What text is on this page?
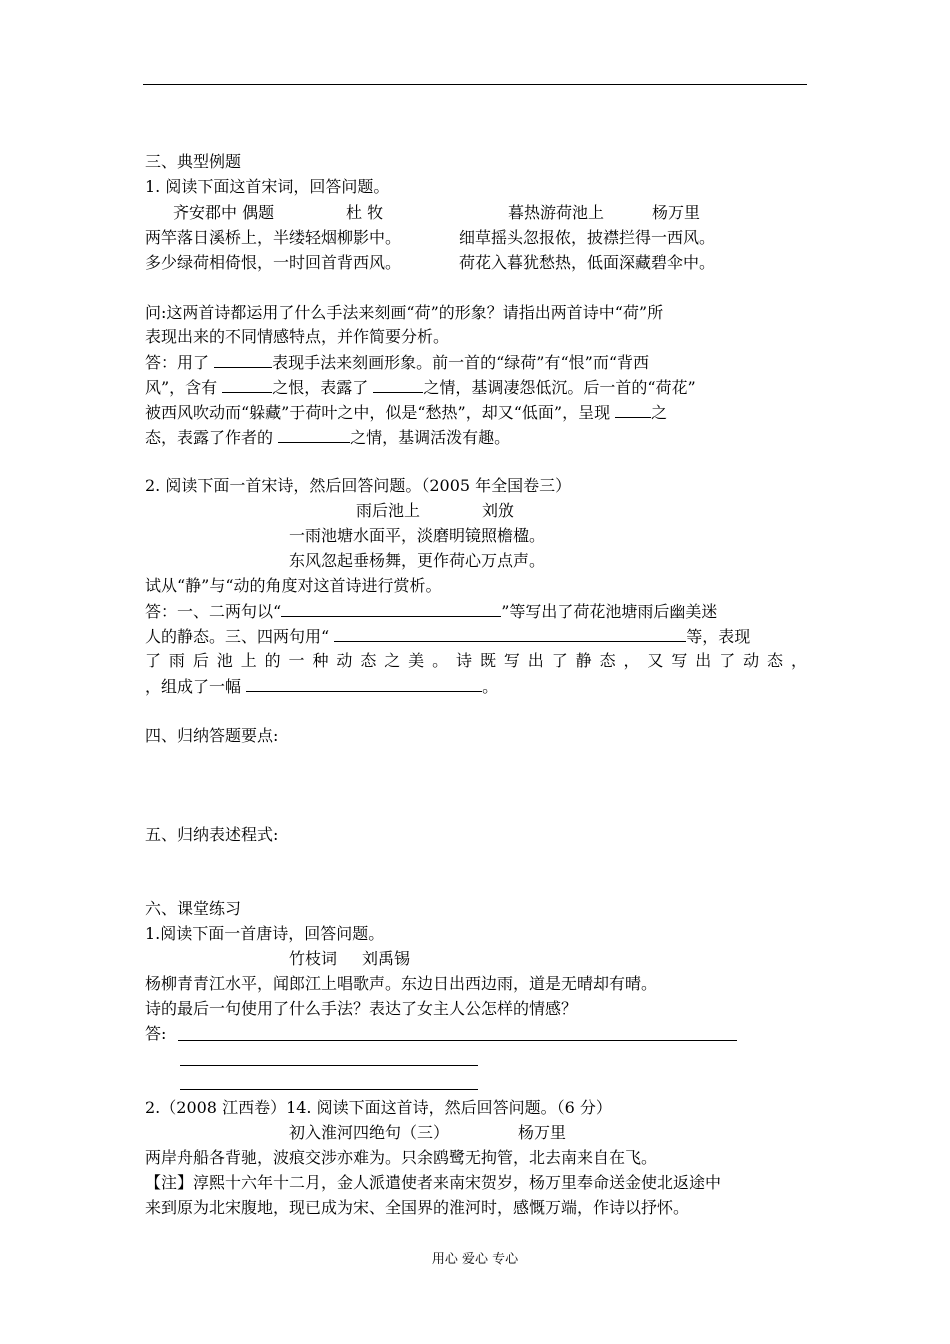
三、典型例题
1. 阅读下面这首宋词，回答问题。
齐安郡中 偶题	杜 牧	暮热游荷池上	杨万里
两竿落日溪桥上，半缕轻烟柳影中。	细草摇头忽报侬，披襟拦得一西风。
多少绿荷相倚恨，一时回首背西风。	荷花入暮犹愁热，低面深藏碧伞中。
问:这两首诗都运用了什么手法来刻画“荷”的形象？请指出两首诗中“荷”所
表现出来的不同情感特点，并作简要分析。
答：用了	表现手法来刻画形象。前一首的“绿荷”有“恨”而“背西
风”，含有	之恨，表露了	之情，基调凄怨低沉。后一首的“荷花”
被西风吹动而“躲藏”于荷叶之中，似是“愁热”，却又“低面”，呈现 之
态，表露了作者的	之情，基调活泼有趣。
2. 阅读下面一首宋诗，然后回答问题。（2005 年全国卷三）
雨后池上	刘攽
一雨池塘水面平，淡磨明镜照檐楹。
东风忽起垂杨舞，更作荷心万点声。
试从“静”与“动的角度对这首诗进行赏析。
答：一、二两句以“	”等写出了荷花池塘雨后幽美迷
人的静态。三、四两句用“	等，表现
了雨后池上的一种动态之美。诗既写出了静态，又写出了动态，
，组成了一幅	。
四、归纳答题要点:
五、归纳表述程式:
六、课堂练习
1.阅读下面一首唐诗，回答问题。
竹枝词 刘禹锡
杨柳青青江水平，闻郎江上唱歌声。东边日出西边雨，道是无晴却有晴。
诗的最后一句使用了什么手法？表达了女主人公怎样的情感？
答:
2.（2008 江西卷）14. 阅读下面这首诗，然后回答问题。（6 分）
初入淮河四绝句（三）	杨万里
两岸舟船各背驰，波痕交涉亦难为。只余鸥鹭无拘管，北去南来自在飞。
【注】淳熙十六年十二月，金人派遣使者来南宋贺岁，杨万里奉命送金使北返途中
来到原为北宋腹地，现已成为宋、全国界的淮河时，感慨万端，作诗以抒怀。
用心 爱心 专心
